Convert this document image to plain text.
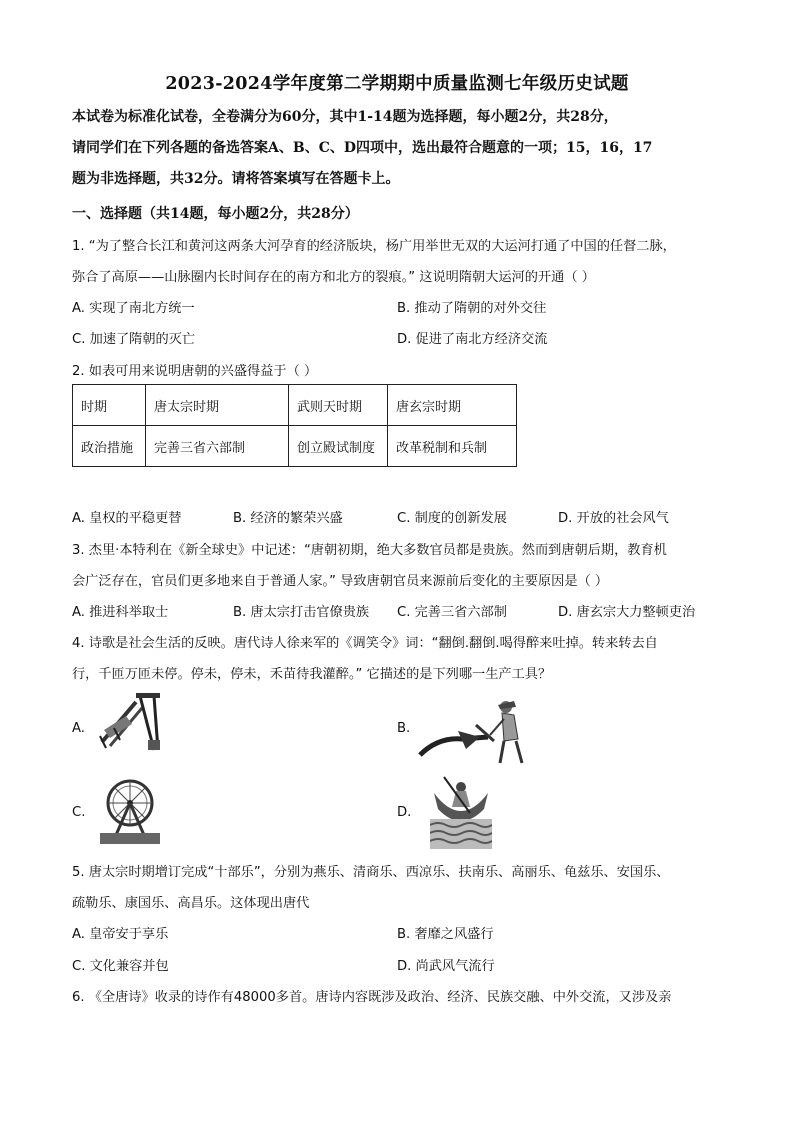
2023-2024学年度第二学期期中质量监测七年级历史试题
本试卷为标准化试卷，全卷满分为60分，其中1-14题为选择题，每小题2分，共28分，
请同学们在下列各题的备选答案A、B、C、D四项中，选出最符合题意的一项；15，16，17
题为非选择题，共32分。请将答案填写在答题卡上。
一、选择题（共14题，每小题2分，共28分）
1. “为了整合长江和黄河这两条大河孕育的经济版块，杨广用举世无双的大运河打通了中国的任督二脉，
弥合了高原——山脉圈内长时间存在的南方和北方的裂痕。” 这说明隋朝大运河的开通（ ）
A. 实现了南北方统一	B. 推动了隋朝的对外交往
C. 加速了隋朝的灭亡	D. 促进了南北方经济交流
2. 如表可用来说明唐朝的兴盛得益于（ ）
时期	唐太宗时期	武则天时期	唐玄宗时期
政治措施	完善三省六部制	创立殿试制度	改革税制和兵制
A. 皇权的平稳更替	B. 经济的繁荣兴盛	C. 制度的创新发展	D. 开放的社会风气
3. 杰里·本特利在《新全球史》中记述：“唐朝初期，绝大多数官员都是贵族。然而到唐朝后期，教育机
会广泛存在，官员们更多地来自于普通人家。” 导致唐朝官员来源前后变化的主要原因是（ ）
A. 推进科举取士	B. 唐太宗打击官僚贵族 C. 完善三省六部制	D. 唐玄宗大力整顿吏治
4. 诗歌是社会生活的反映。唐代诗人徐来军的《调笑令》词：“翻倒.翻倒.喝得醉来吐掉。转来转去自
行，千匝万匝未停。停未，停未，禾苗待我灌醉。” 它描述的是下列哪一生产工具？
A.	B.
C.	D.
5. 唐太宗时期增订完成“十部乐”，分别为燕乐、清商乐、西凉乐、扶南乐、高丽乐、龟兹乐、安国乐、
疏勒乐、康国乐、高昌乐。这体现出唐代
A. 皇帝安于享乐	B. 奢靡之风盛行
C. 文化兼容并包	D. 尚武风气流行
6. 《全唐诗》收录的诗作有48000多首。唐诗内容既涉及政治、经济、民族交融、中外交流，又涉及亲
